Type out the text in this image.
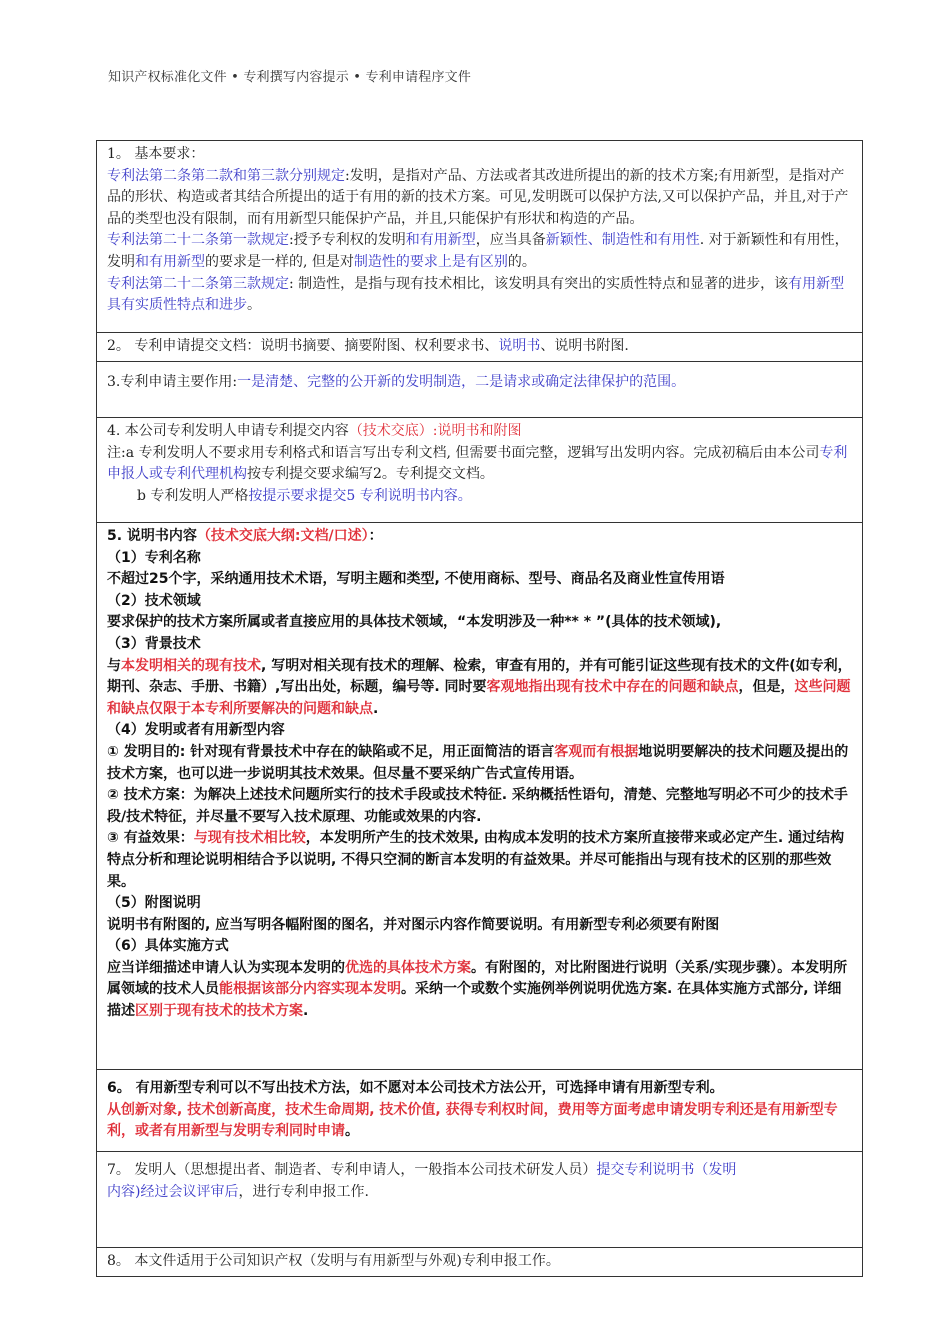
知识产权标准化文件 • 专利撰写内容提示 • 专利申请程序文件

1。 基本要求：

专利法第二条第二款和第三款分别规定:发明，是指对产品、方法或者其改进所提出的新的技术方案;有用新型，是指对产品的形状、构造或者其结合所提出的适于有用的新的技术方案。可见,发明既可以保护方法,又可以保护产品，并且,对于产品的类型也没有限制，而有用新型只能保护产品，并且,只能保护有形状和构造的产品。

专利法第二十二条第一款规定:授予专利权的发明和有用新型，应当具备新颖性、制造性和有用性. 对于新颖性和有用性，发明和有用新型的要求是一样的, 但是对制造性的要求上是有区别的。

专利法第二十二条第三款规定: 制造性，是指与现有技术相比，该发明具有突出的实质性特点和显著的进步，该有用新型具有实质性特点和进步。

2。 专利申请提交文档：说明书摘要、摘要附图、权利要求书、说明书、说明书附图.

3.专利申请主要作用:一是清楚、完整的公开新的发明制造，二是请求或确定法律保护的范围。

4. 本公司专利发明人申请专利提交内容（技术交底）:说明书和附图

注:a 专利发明人不要求用专利格式和语言写出专利文档, 但需要书面完整，逻辑写出发明内容。完成初稿后由本公司专利申报人或专利代理机构按专利提交要求编写2。专利提交文档。

b 专利发明人严格按提示要求提交5 专利说明书内容。

5. 说明书内容（技术交底大纲:文档/口述）：

（1）专利名称

不超过25个字，采纳通用技术术语，写明主题和类型, 不使用商标、型号、商品名及商业性宣传用语

（2）技术领域

要求保护的技术方案所属或者直接应用的具体技术领域，“本发明涉及一种** * ”(具体的技术领域),

（3）背景技术

与本发明相关的现有技术, 写明对相关现有技术的理解、检索，审查有用的，并有可能引证这些现有技术的文件(如专利，期刊、杂志、手册、书籍）,写出出处，标题，编号等. 同时要客观地指出现有技术中存在的问题和缺点，但是，这些问题和缺点仅限于本专利所要解决的问题和缺点.

（4）发明或者有用新型内容

① 发明目的: 针对现有背景技术中存在的缺陷或不足，用正面简洁的语言客观而有根据地说明要解决的技术问题及提出的技术方案，也可以进一步说明其技术效果。但尽量不要采纳广告式宣传用语。

② 技术方案：为解决上述技术问题所实行的技术手段或技术特征. 采纳概括性语句，清楚、完整地写明必不可少的技术手段/技术特征，并尽量不要写入技术原理、功能或效果的内容.

③ 有益效果：与现有技术相比较，本发明所产生的技术效果, 由构成本发明的技术方案所直接带来或必定产生. 通过结构特点分析和理论说明相结合予以说明, 不得只空洞的断言本发明的有益效果。并尽可能指出与现有技术的区别的那些效果。

（5）附图说明

说明书有附图的, 应当写明各幅附图的图名，并对图示内容作简要说明。有用新型专利必须要有附图

（6）具体实施方式

应当详细描述申请人认为实现本发明的优选的具体技术方案。有附图的，对比附图进行说明（关系/实现步骤）。本发明所属领域的技术人员能根据该部分内容实现本发明。采纳一个或数个实施例举例说明优选方案. 在具体实施方式部分, 详细描述区别于现有技术的技术方案.

6。 有用新型专利可以不写出技术方法，如不愿对本公司技术方法公开，可选择申请有用新型专利。

从创新对象, 技术创新高度，技术生命周期, 技术价值, 获得专利权时间，费用等方面考虑申请发明专利还是有用新型专利，或者有用新型与发明专利同时申请。

7。 发明人（思想提出者、制造者、专利申请人，一般指本公司技术研发人员）提交专利说明书（发明

内容)经过会议评审后，进行专利申报工作.

8。 本文件适用于公司知识产权（发明与有用新型与外观)专利申报工作。
